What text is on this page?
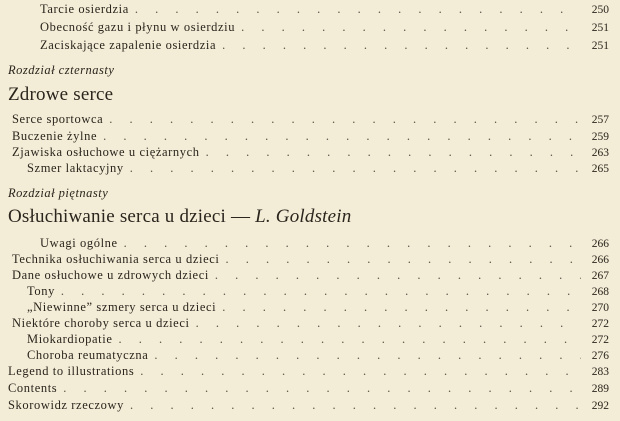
Tarcie osierdzia . . .	250
Obecność gazu i płynu w osierdziu . . .	251
Zaciskające zapalenie osierdzia . . .	251
Rozdział czternasty
Zdrowe serce
Serce sportowca . . .	257
Buczenie żylne . . .	259
Zjawiska osłuchowe u ciężarnych . . .	263
Szmer laktacyjny . . .	265
Rozdział piętnasty
Osłuchiwanie serca u dzieci — L. Goldstein
Uwagi ogólne . . .	266
Technika osłuchiwania serca u dzieci . . .	266
Dane osłuchowe u zdrowych dzieci . . .	267
Tony . . .	268
„Niewinne” szmery serca u dzieci . . .	270
Niektóre choroby serca u dzieci . . .	272
Miokardiopatie . . .	272
Choroba reumatyczna . . .	276
Legend to illustrations . . .	283
Contents . . .	289
Skorowidz rzeczowy . . .	292
